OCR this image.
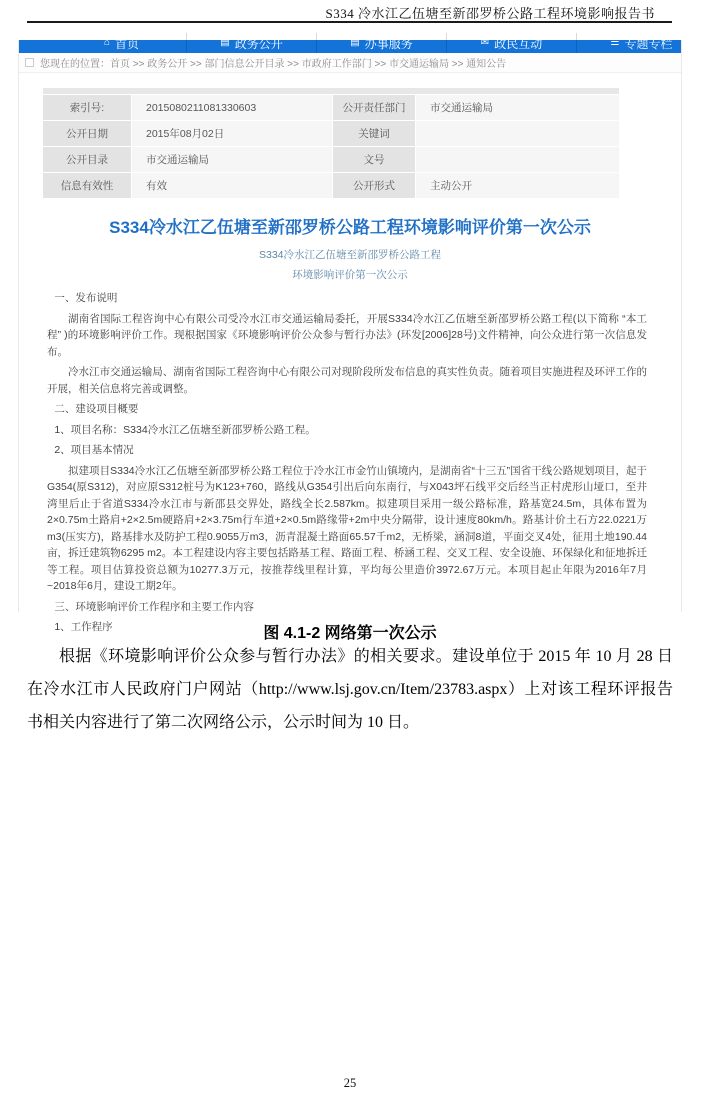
S334 冷水江乙伍塘至新邵罗桥公路工程环境影响报告书
⌂ 首页	▤ 政务公开	▤ 办事服务	✉ 政民互动	☰ 专题专栏
您现在的位置：首页 >> 政务公开 >> 部门信息公开目录 >> 市政府工作部门 >> 市交通运输局 >> 通知公告
索引号:	2015080211081330603	公开责任部门	市交通运输局
公开日期	2015年08月02日	关键词
公开目录	市交通运输局	文号
信息有效性	有效	公开形式	主动公开
S334冷水江乙伍塘至新邵罗桥公路工程环境影响评价第一次公示
S334冷水江乙伍塘至新邵罗桥公路工程
环境影响评价第一次公示

一、发布说明

湖南省国际工程咨询中心有限公司受冷水江市交通运输局委托，开展S334冷水江乙伍塘至新邵罗桥公路工程(以下简称 “本工程” )的环境影响评价工作。现根据国家《环境影响评价公众参与暂行办法》(环发[2006]28号)文件精神，向公众进行第一次信息发布。

冷水江市交通运输局、湖南省国际工程咨询中心有限公司对现阶段所发布信息的真实性负责。随着项目实施进程及环评工作的开展，相关信息将完善或调整。

二、建设项目概要

1、项目名称：S334冷水江乙伍塘至新邵罗桥公路工程。

2、项目基本情况

拟建项目S334冷水江乙伍塘至新邵罗桥公路工程位于冷水江市金竹山镇境内，是湖南省“十三五”国省干线公路规划项目，起于G354(原S312)，对应原S312桩号为K123+760，路线从G354引出后向东南行，与X043坪石线平交后经当正村虎形山垭口，至井湾里后止于省道S334冷水江市与新邵县交界处，路线全长2.587km。拟建项目采用一级公路标准，路基宽24.5m，具体布置为2×0.75m土路肩+2×2.5m硬路肩+2×3.75m行车道+2×0.5m路缘带+2m中央分隔带，设计速度80km/h。路基计价土石方22.0221万m3(压实方)，路基排水及防护工程0.9055万m3，沥青混凝土路面65.57千m2，无桥梁，涵洞8道，平面交叉4处，征用土地190.44亩，拆迁建筑物6295 m2。本工程建设内容主要包括路基工程、路面工程、桥涵工程、交叉工程、安全设施、环保绿化和征地拆迁等工程。项目估算投资总额为10277.3万元，按推荐线里程计算，平均每公里造价3972.67万元。本项目起止年限为2016年7月~2018年6月，建设工期2年。

三、环境影响评价工作程序和主要工作内容

1、工作程序	图 4.1-2 网络第一次公示

根据《环境影响评价公众参与暂行办法》的相关要求。建设单位于 2015 年 10 月 28 日在冷水江市人民政府门户网站（http://www.lsj.gov.cn/Item/23783.aspx）上对该工程环评报告书相关内容进行了第二次网络公示，公示时间为 10 日。

25
